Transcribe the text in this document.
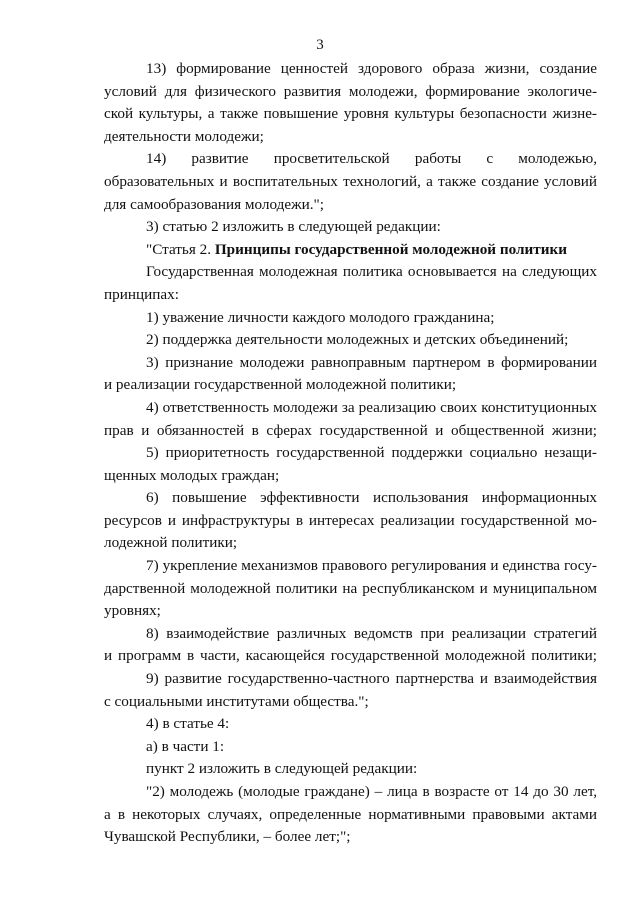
3
13) формирование ценностей здорового образа жизни, создание
условий для физического развития молодежи, формирование экологиче-
ской культуры, а также повышение уровня культуры безопасности жизне-
деятельности молодежи;
14) развитие просветительской работы с молодежью,
образовательных и воспитательных технологий, а также создание условий
для самообразования молодежи.";
3) статью 2 изложить в следующей редакции:
"Статья 2. Принципы государственной молодежной политики
Государственная молодежная политика основывается на следующих
принципах:
1) уважение личности каждого молодого гражданина;
2) поддержка деятельности молодежных и детских объединений;
3) признание молодежи равноправным партнером в формировании
и реализации государственной молодежной политики;
4) ответственность молодежи за реализацию своих конституционных
прав и обязанностей в сферах государственной и общественной жизни;
5) приоритетность государственной поддержки социально незащи-
щенных молодых граждан;
6) повышение эффективности использования информационных
ресурсов и инфраструктуры в интересах реализации государственной мо-
лодежной политики;
7) укрепление механизмов правового регулирования и единства госу-
дарственной молодежной политики на республиканском и муниципальном
уровнях;
8) взаимодействие различных ведомств при реализации стратегий
и программ в части, касающейся государственной молодежной политики;
9) развитие государственно-частного партнерства и взаимодействия
с социальными институтами общества.";
4) в статье 4:
а) в части 1:
пункт 2 изложить в следующей редакции:
"2) молодежь (молодые граждане) – лица в возрасте от 14 до 30 лет,
а в некоторых случаях, определенные нормативными правовыми актами
Чувашской Республики, – более лет;";
